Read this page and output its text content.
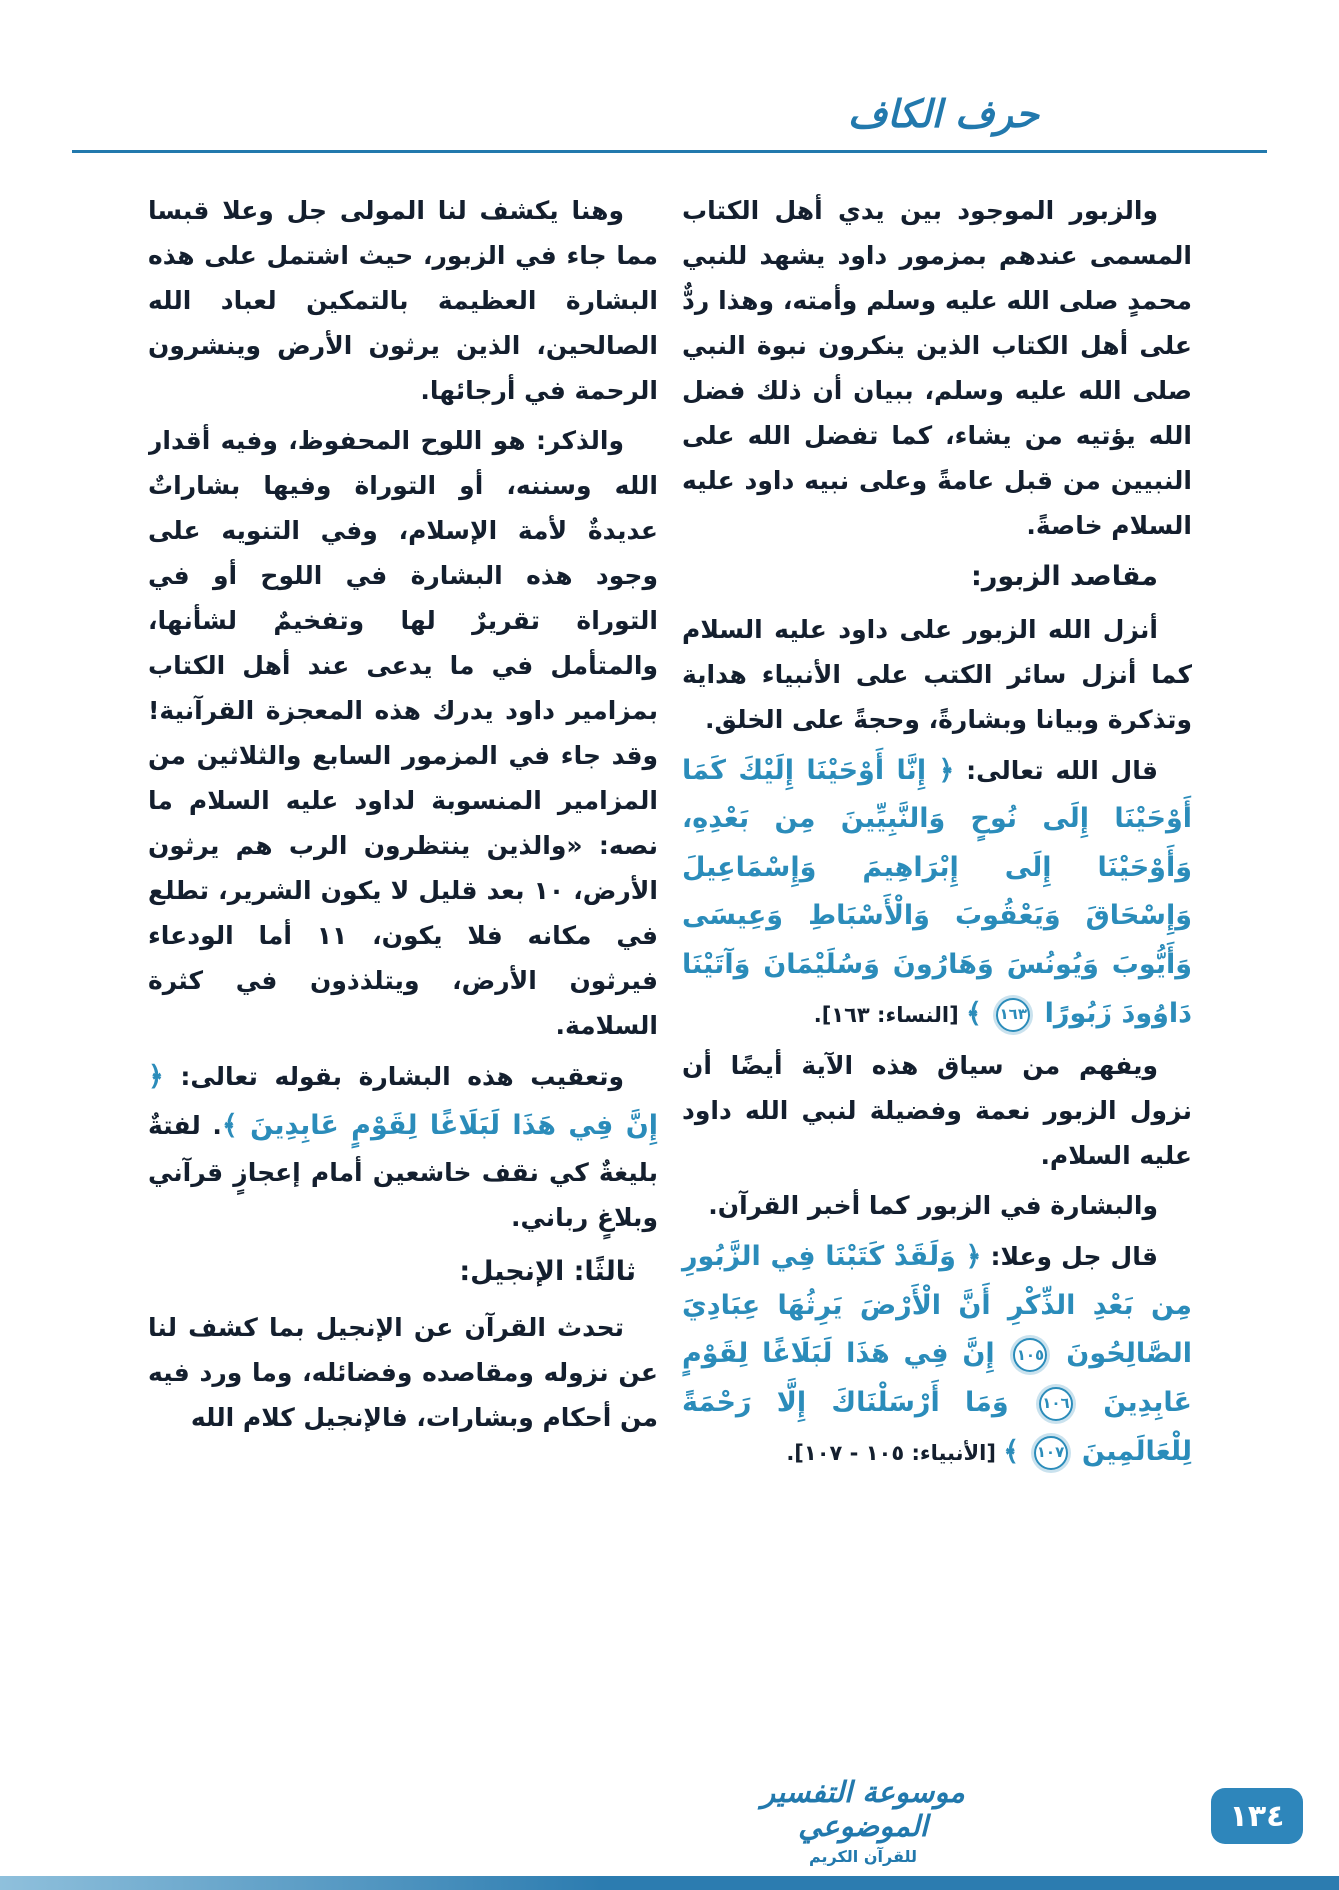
حرف الكاف
والزبور الموجود بين يدي أهل الكتاب المسمى عندهم بمزمور داود يشهد للنبي محمدٍ صلى الله عليه وسلم وأمته، وهذا ردٌّ على أهل الكتاب الذين ينكرون نبوة النبي صلى الله عليه وسلم، ببيان أن ذلك فضل الله يؤتيه من يشاء، كما تفضل الله على النبيين من قبل عامةً وعلى نبيه داود عليه السلام خاصةً.
مقاصد الزبور:
أنزل الله الزبور على داود عليه السلام كما أنزل سائر الكتب على الأنبياء هداية وتذكرة وبيانا وبشارةً، وحجةً على الخلق.
قال الله تعالى: ﴿ إِنَّا أَوْحَيْنَا إِلَيْكَ كَمَا أَوْحَيْنَا إِلَى نُوحٍ وَالنَّبِيِّينَ مِن بَعْدِهِ، وَأَوْحَيْنَا إِلَى إِبْرَاهِيمَ وَإِسْمَاعِيلَ وَإِسْحَاقَ وَيَعْقُوبَ وَالْأَسْبَاطِ وَعِيسَى وَأَيُّوبَ وَيُونُسَ وَهَارُونَ وَسُلَيْمَانَ وَآتَيْنَا دَاوُودَ زَبُورًا ١٦٣ ﴾ [النساء: ١٦٣].
ويفهم من سياق هذه الآية أيضًا أن نزول الزبور نعمة وفضيلة لنبي الله داود عليه السلام.
والبشارة في الزبور كما أخبر القرآن.
قال جل وعلا: ﴿ وَلَقَدْ كَتَبْنَا فِي الزَّبُورِ مِن بَعْدِ الذِّكْرِ أَنَّ الْأَرْضَ يَرِثُهَا عِبَادِيَ الصَّالِحُونَ ١٠٥ إِنَّ فِي هَذَا لَبَلَاغًا لِقَوْمٍ عَابِدِينَ ١٠٦ وَمَا أَرْسَلْنَاكَ إِلَّا رَحْمَةً لِلْعَالَمِينَ ١٠٧ ﴾ [الأنبياء: ١٠٥ - ١٠٧].
وهنا يكشف لنا المولى جل وعلا قبسا مما جاء في الزبور، حيث اشتمل على هذه البشارة العظيمة بالتمكين لعباد الله الصالحين، الذين يرثون الأرض وينشرون الرحمة في أرجائها.
والذكر: هو اللوح المحفوظ، وفيه أقدار الله وسننه، أو التوراة وفيها بشاراتٌ عديدةٌ لأمة الإسلام، وفي التنويه على وجود هذه البشارة في اللوح أو في التوراة تقريرٌ لها وتفخيمٌ لشأنها، والمتأمل في ما يدعى عند أهل الكتاب بمزامير داود يدرك هذه المعجزة القرآنية! وقد جاء في المزمور السابع والثلاثين من المزامير المنسوبة لداود عليه السلام ما نصه: «والذين ينتظرون الرب هم يرثون الأرض، ١٠ بعد قليل لا يكون الشرير، تطلع في مكانه فلا يكون، ١١ أما الودعاء فيرثون الأرض، ويتلذذون في كثرة السلامة.
وتعقيب هذه البشارة بقوله تعالى: ﴿ إِنَّ فِي هَذَا لَبَلَاغًا لِقَوْمٍ عَابِدِينَ ﴾. لفتةٌ بليغةٌ كي نقف خاشعين أمام إعجازٍ قرآني وبلاغٍ رباني.
ثالثًا: الإنجيل:
تحدث القرآن عن الإنجيل بما كشف لنا عن نزوله ومقاصده وفضائله، وما ورد فيه من أحكام وبشارات، فالإنجيل كلام الله
موسوعة التفسير الموضوعي
للقرآن الكريم
١٣٤
